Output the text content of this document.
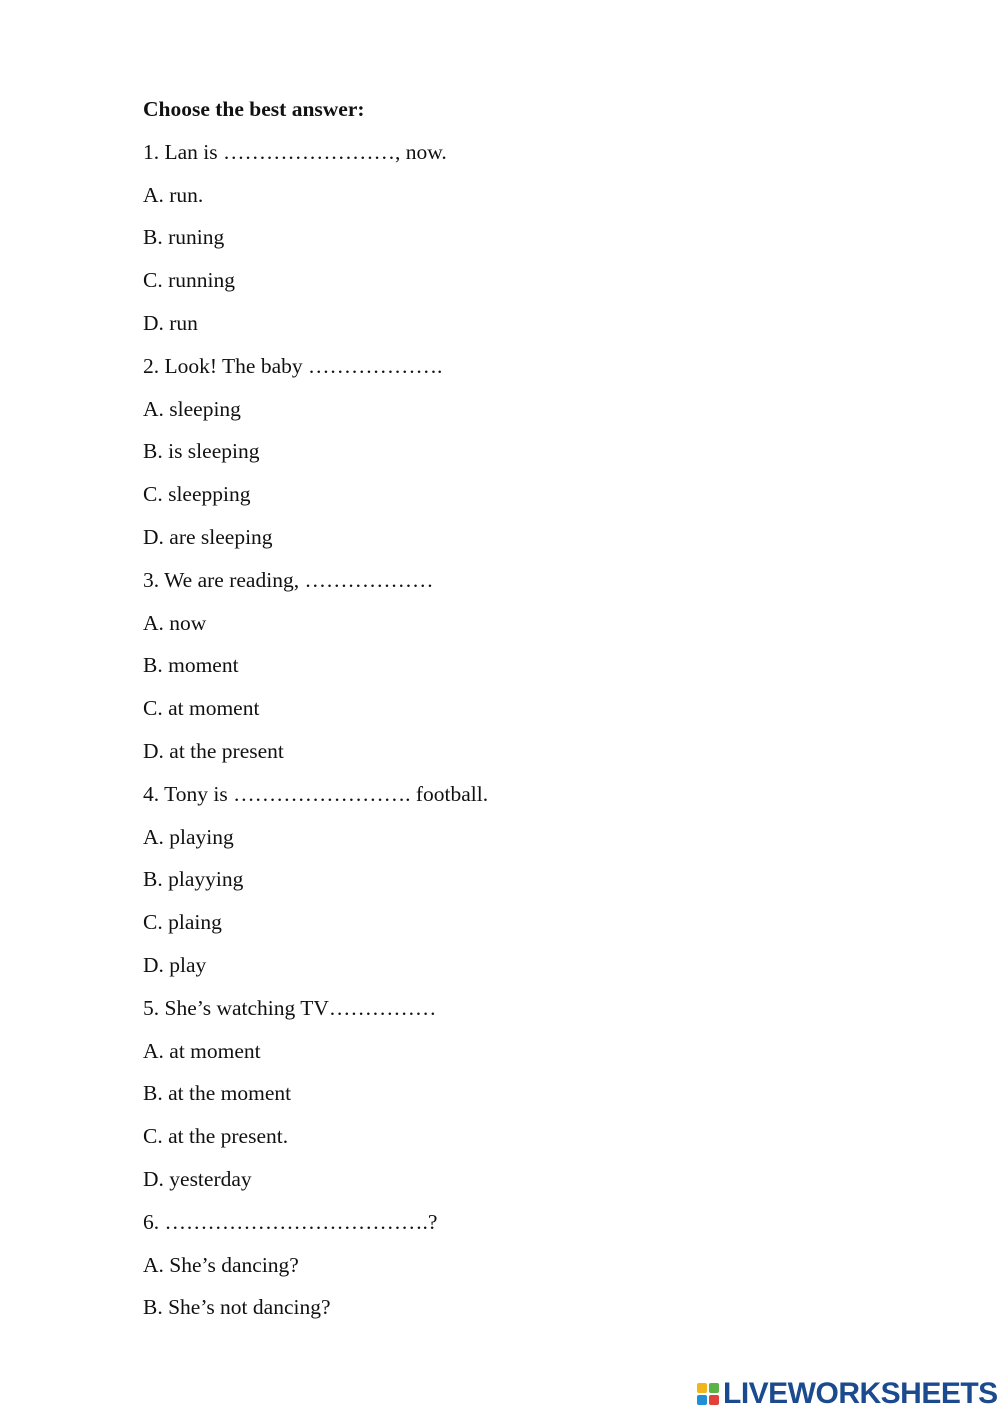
Choose the best answer:
1. Lan is ……………………, now.
A. run.
B. runing
C. running
D. run
2. Look! The baby ……………….
A. sleeping
B. is sleeping
C. sleepping
D. are sleeping
3. We are reading, ………………
A. now
B. moment
C. at moment
D. at the present
4. Tony is ……………………. football.
A. playing
B. playying
C. plaing
D. play
5. She’s watching TV……………
A. at moment
B. at the moment
C. at the present.
D. yesterday
6. ……………………………….?
A. She’s dancing?
B. She’s not dancing?
LIVEWORKSHEETS
